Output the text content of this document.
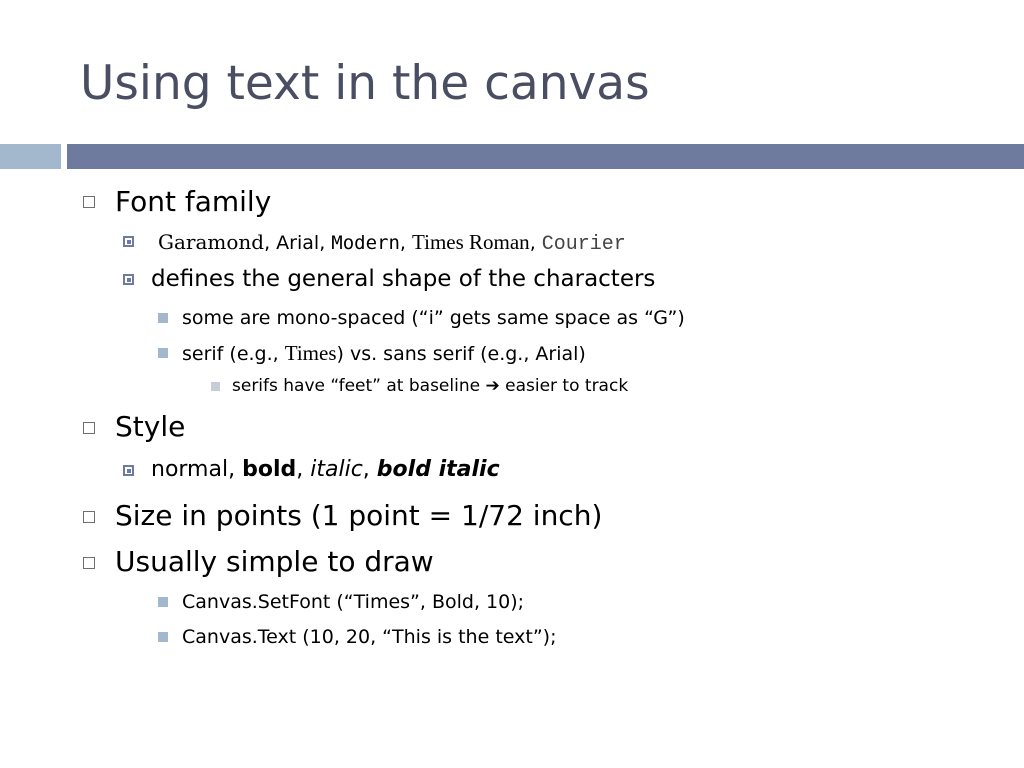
Using text in the canvas
Font family
Garamond, Arial, Modern, Times Roman, Courier
defines the general shape of the characters
some are mono-spaced (“i” gets same space as “G”)
serif (e.g., Times) vs. sans serif (e.g., Arial)
serifs have “feet” at baseline ➔ easier to track
Style
normal, bold, italic, bold italic
Size in points (1 point = 1/72 inch)
Usually simple to draw
Canvas.SetFont (“Times”, Bold, 10);
Canvas.Text (10, 20, “This is the text”);
